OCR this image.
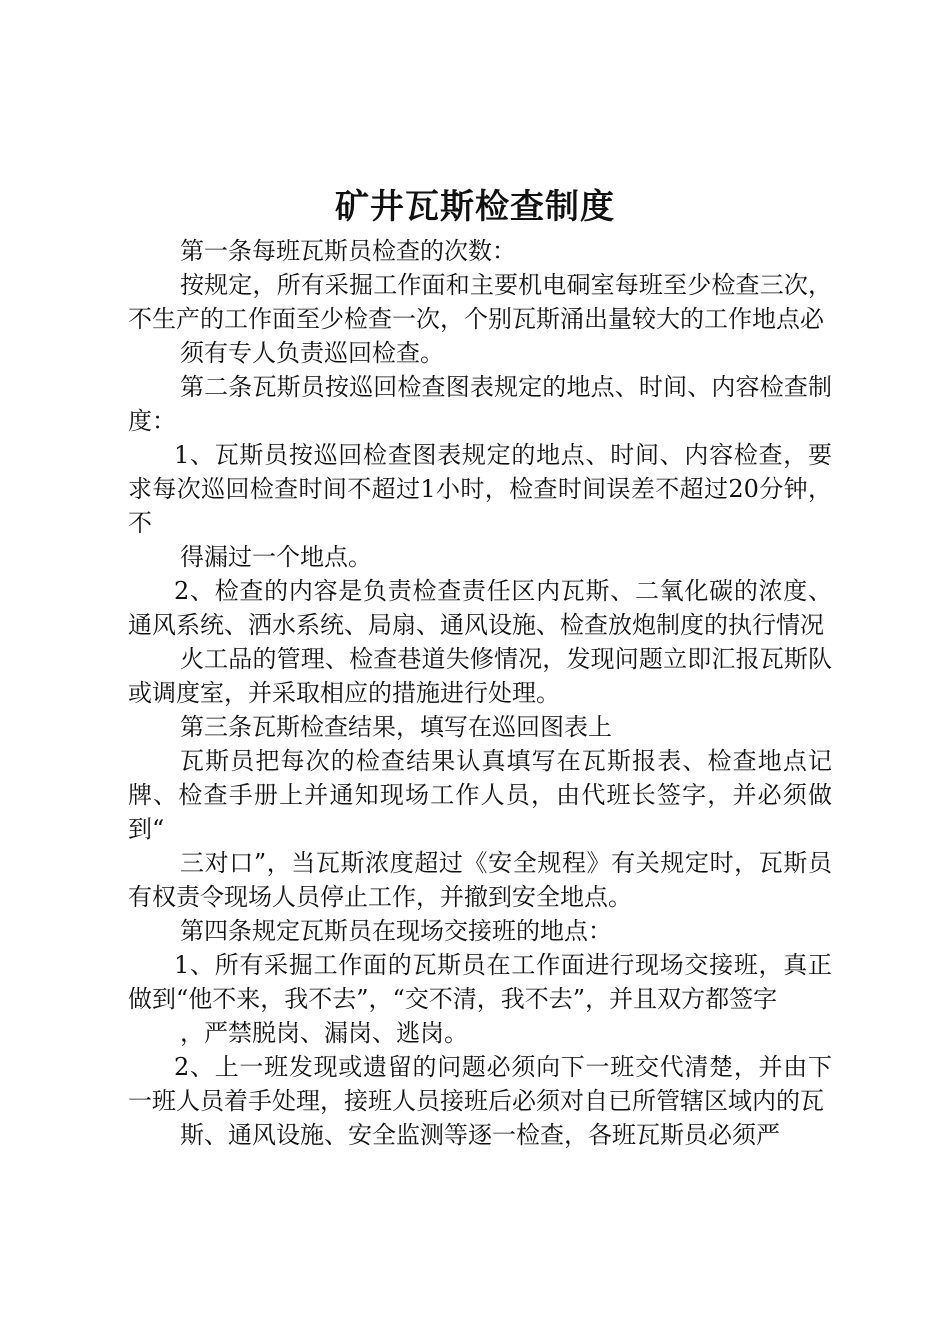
矿井瓦斯检查制度

第一条每班瓦斯员检查的次数：

按规定，所有采掘工作面和主要机电硐室每班至少检查三次，不生产的工作面至少检查一次，个别瓦斯涌出量较大的工作地点必

须有专人负责巡回检查。

第二条瓦斯员按巡回检查图表规定的地点、时间、内容检查制度：

1、瓦斯员按巡回检查图表规定的地点、时间、内容检查，要求每次巡回检查时间不超过1小时，检查时间误差不超过20分钟，不

得漏过一个地点。

2、检查的内容是负责检查责任区内瓦斯、二氧化碳的浓度、通风系统、洒水系统、局扇、通风设施、检查放炮制度的执行情况

火工品的管理、检查巷道失修情况，发现问题立即汇报瓦斯队或调度室，并采取相应的措施进行处理。

第三条瓦斯检查结果，填写在巡回图表上

瓦斯员把每次的检查结果认真填写在瓦斯报表、检查地点记牌、检查手册上并通知现场工作人员，由代班长签字，并必须做到“

三对口”，当瓦斯浓度超过《安全规程》有关规定时，瓦斯员有权责令现场人员停止工作，并撤到安全地点。

第四条规定瓦斯员在现场交接班的地点：

1、所有采掘工作面的瓦斯员在工作面进行现场交接班，真正做到“他不来，我不去”，“交不清，我不去”，并且双方都签字

，严禁脱岗、漏岗、逃岗。

2、上一班发现或遗留的问题必须向下一班交代清楚，并由下一班人员着手处理，接班人员接班后必须对自已所管辖区域内的瓦

斯、通风设施、安全监测等逐一检查，各班瓦斯员必须严
